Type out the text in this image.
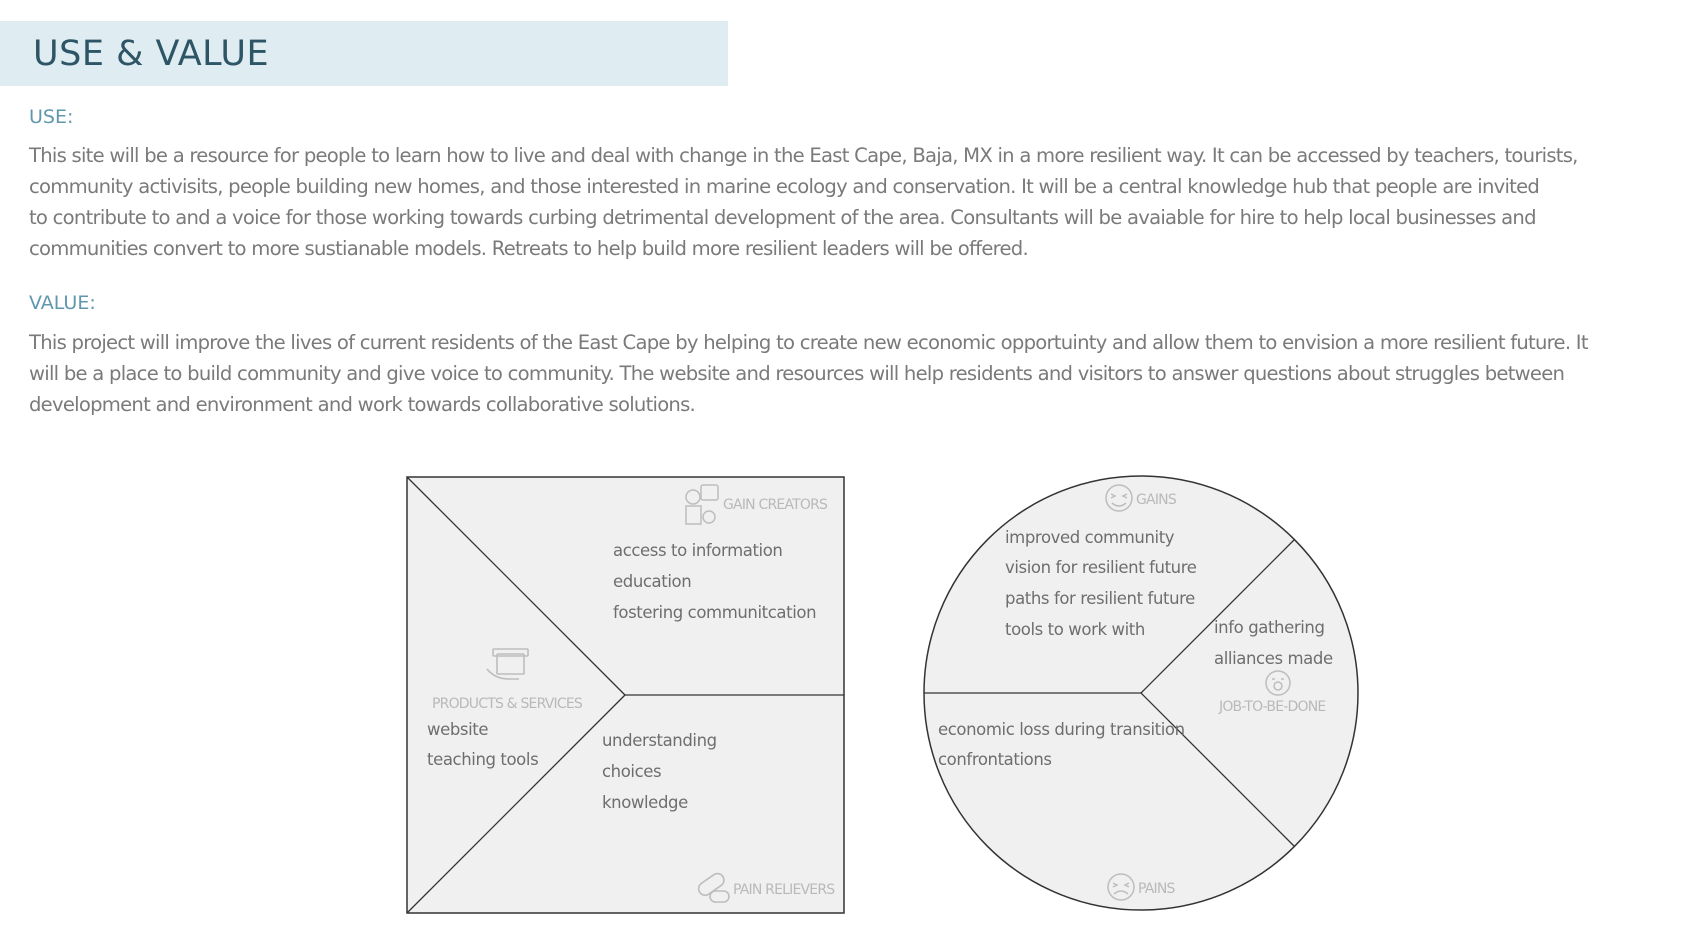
USE & VALUE
USE:

This site will be a resource for people to learn how to live and deal with change in the East Cape, Baja, MX in a more resilient way. It can be accessed by teachers, tourists,
community activisits, people building new homes, and those interested in marine ecology and conservation. It will be a central knowledge hub that people are invited
to contribute to and a voice for those working towards curbing detrimental development of the area. Consultants will be avaiable for hire to help local businesses and
communities convert to more sustianable models. Retreats to help build more resilient leaders will be offered.

VALUE:

This project will improve the lives of current residents of the East Cape by helping to create new economic opportuinty and allow them to envision a more resilient future. It
will be a place to build community and give voice to community. The website and resources will help residents and visitors to answer questions about struggles between
development and environment and work towards collaborative solutions.

GAIN CREATORS
access to information
education
fostering communitcation
PRODUCTS & SERVICES
website
teaching tools
understanding
choices
knowledge
PAIN RELIEVERS
GAINS
improved community
vision for resilient future
paths for resilient future
tools to work with	info gathering
alliances made
JOB-TO-BE-DONE
economic loss during transition
confrontations
PAINS
